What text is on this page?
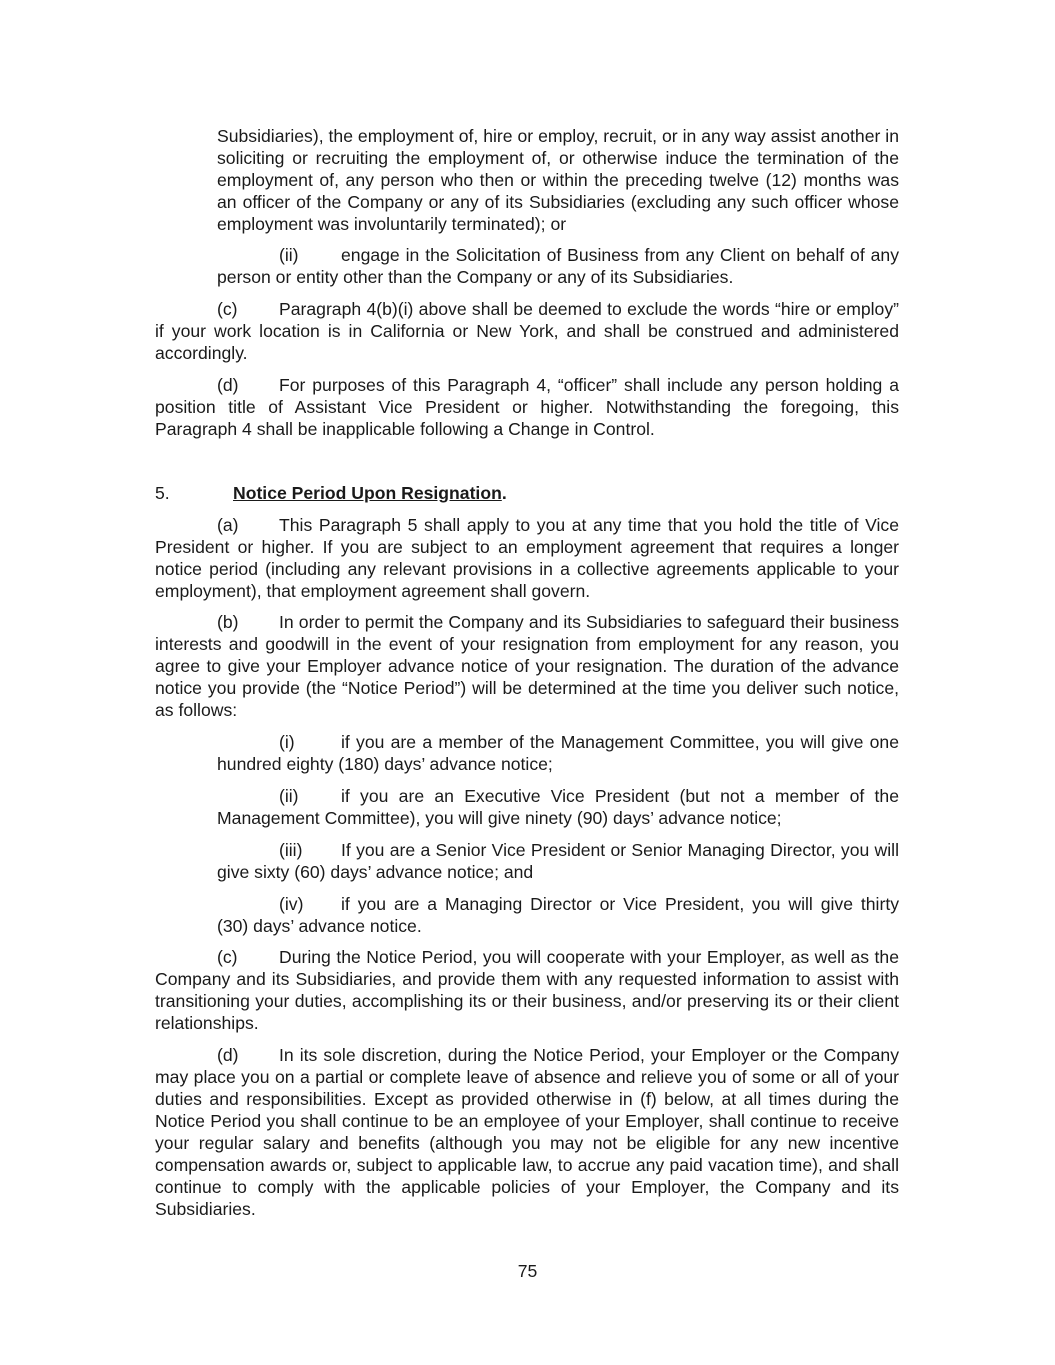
Subsidiaries), the employment of, hire or employ, recruit, or in any way assist another in soliciting or recruiting the employment of, or otherwise induce the termination of the employment of, any person who then or within the preceding twelve (12) months was an officer of the Company or any of its Subsidiaries (excluding any such officer whose employment was involuntarily terminated); or

(ii) engage in the Solicitation of Business from any Client on behalf of any person or entity other than the Company or any of its Subsidiaries.

(c) Paragraph 4(b)(i) above shall be deemed to exclude the words “hire or employ” if your work location is in California or New York, and shall be construed and administered accordingly.

(d) For purposes of this Paragraph 4, “officer” shall include any person holding a position title of Assistant Vice President or higher. Notwithstanding the foregoing, this Paragraph 4 shall be inapplicable following a Change in Control.

5.	Notice Period Upon Resignation.

(a) This Paragraph 5 shall apply to you at any time that you hold the title of Vice President or higher. If you are subject to an employment agreement that requires a longer notice period (including any relevant provisions in a collective agreements applicable to your employment), that employment agreement shall govern.

(b) In order to permit the Company and its Subsidiaries to safeguard their business interests and goodwill in the event of your resignation from employment for any reason, you agree to give your Employer advance notice of your resignation. The duration of the advance notice you provide (the “Notice Period”) will be determined at the time you deliver such notice, as follows:

(i)	if you are a member of the Management Committee, you will give one hundred eighty (180) days’ advance notice;

(ii) if you are an Executive Vice President (but not a member of the Management Committee), you will give ninety (90) days’ advance notice;

(iii) If you are a Senior Vice President or Senior Managing Director, you will give sixty (60) days’ advance notice; and

(iv) if you are a Managing Director or Vice President, you will give thirty (30) days’ advance notice.

(c) During the Notice Period, you will cooperate with your Employer, as well as the Company and its Subsidiaries, and provide them with any requested information to assist with transitioning your duties, accomplishing its or their business, and/or preserving its or their client relationships.

(d) In its sole discretion, during the Notice Period, your Employer or the Company may place you on a partial or complete leave of absence and relieve you of some or all of your duties and responsibilities. Except as provided otherwise in (f) below, at all times during the Notice Period you shall continue to be an employee of your Employer, shall continue to receive your regular salary and benefits (although you may not be eligible for any new incentive compensation awards or, subject to applicable law, to accrue any paid vacation time), and shall continue to comply with the applicable policies of your Employer, the Company and its Subsidiaries.

75
